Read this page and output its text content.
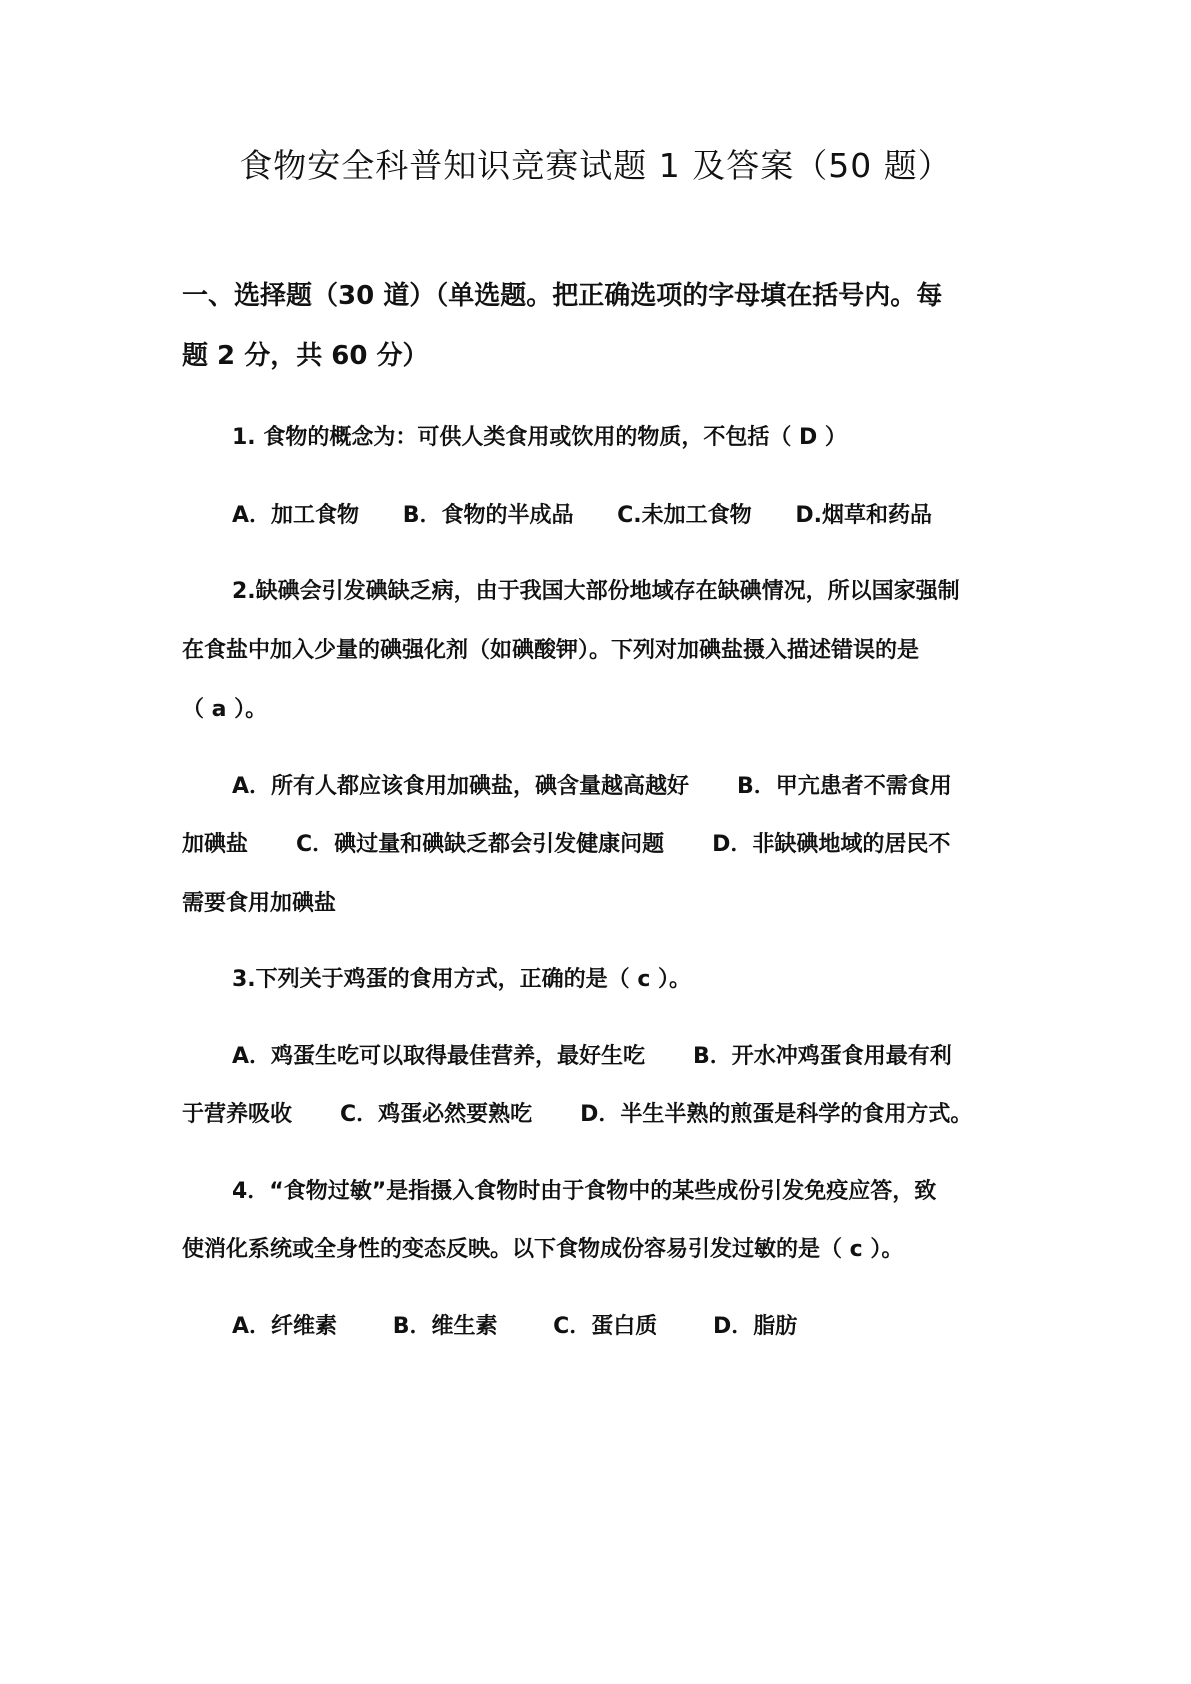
食物安全科普知识竞赛试题 1 及答案（50 题）
一、选择题（30 道）（单选题。把正确选项的字母填在括号内。每
题 2 分，共 60 分）
1. 食物的概念为：可供人类食用或饮用的物质，不包括（ D ）
A．加工食物 B．食物的半成品 C.未加工食物 D.烟草和药品
2.缺碘会引发碘缺乏病，由于我国大部份地域存在缺碘情况，所以国家强制
在食盐中加入少量的碘强化剂（如碘酸钾）。下列对加碘盐摄入描述错误的是
（ a ）。
A．所有人都应该食用加碘盐，碘含量越高越好 B．甲亢患者不需食用
加碘盐 C．碘过量和碘缺乏都会引发健康问题 D．非缺碘地域的居民不
需要食用加碘盐
3.下列关于鸡蛋的食用方式，正确的是（ c ）。
A．鸡蛋生吃可以取得最佳营养，最好生吃 B．开水冲鸡蛋食用最有利
于营养吸收 C．鸡蛋必然要熟吃 D．半生半熟的煎蛋是科学的食用方式。
4．“食物过敏”是指摄入食物时由于食物中的某些成份引发免疫应答，致
使消化系统或全身性的变态反映。以下食物成份容易引发过敏的是（ c ）。
A．纤维素	B．维生素	C．蛋白质	D．脂肪
